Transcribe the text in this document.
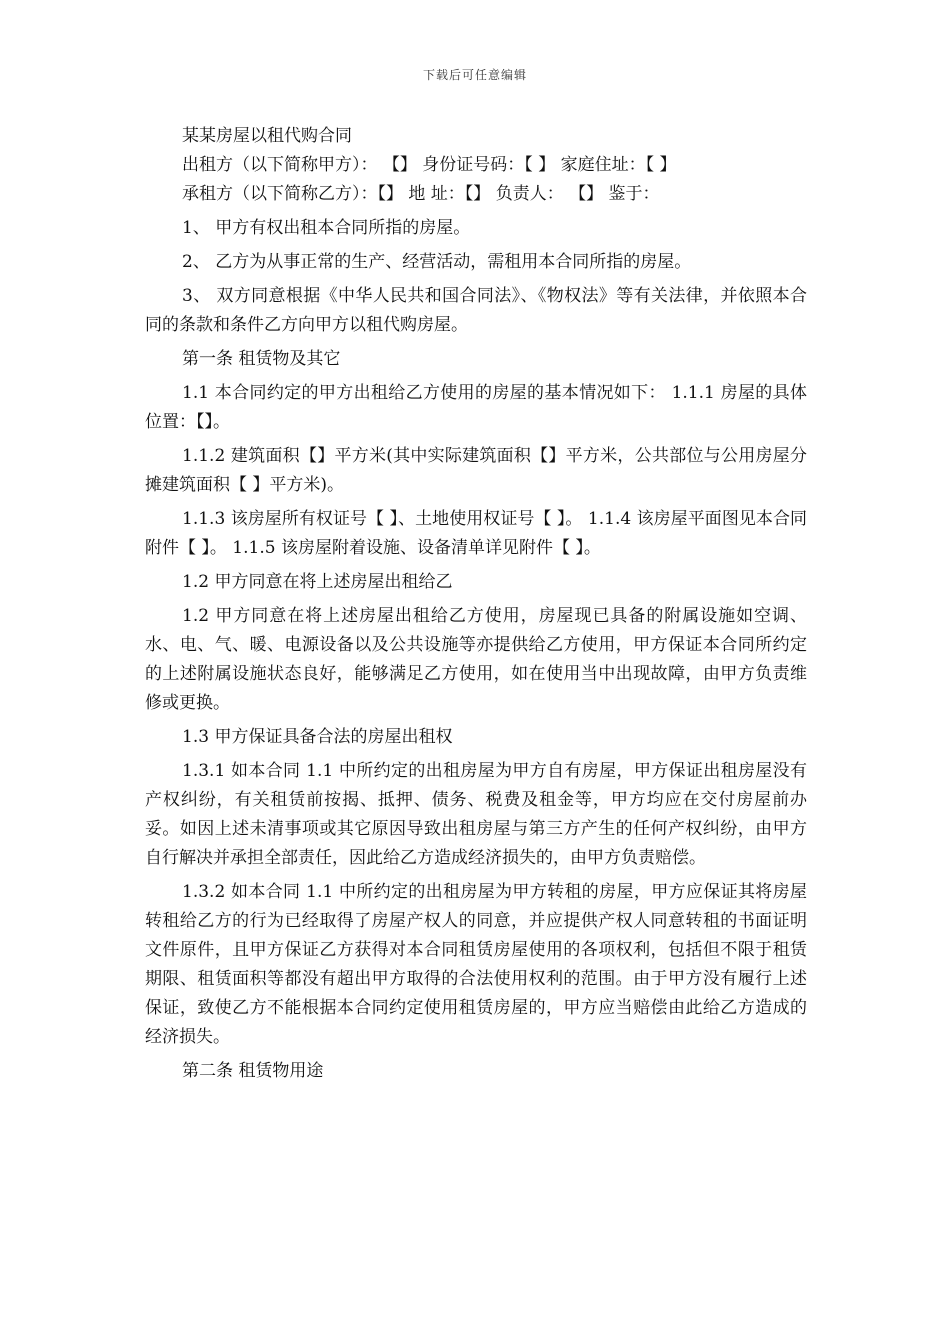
下载后可任意编辑

某某房屋以租代购合同

出租方（以下简称甲方）： 【】 身份证号码：【 】 家庭住址：【 】

承租方（以下简称乙方）：【】 地 址：【】 负责人： 【】 鉴于：

1、 甲方有权出租本合同所指的房屋。

2、 乙方为从事正常的生产、经营活动，需租用本合同所指的房屋。

3、 双方同意根据《中华人民共和国合同法》、《物权法》等有关法律，并依照本合同的条款和条件乙方向甲方以租代购房屋。

第一条 租赁物及其它

1.1 本合同约定的甲方出租给乙方使用的房屋的基本情况如下： 1.1.1 房屋的具体位置：【】。

1.1.2 建筑面积【】平方米(其中实际建筑面积【】平方米，公共部位与公用房屋分摊建筑面积【 】平方米)。

1.1.3 该房屋所有权证号【 】、土地使用权证号【 】。 1.1.4 该房屋平面图见本合同附件【 】。 1.1.5 该房屋附着设施、设备清单详见附件【 】。

1.2 甲方同意在将上述房屋出租给乙

1.2 甲方同意在将上述房屋出租给乙方使用，房屋现已具备的附属设施如空调、水、电、气、暖、电源设备以及公共设施等亦提供给乙方使用，甲方保证本合同所约定的上述附属设施状态良好，能够满足乙方使用，如在使用当中出现故障，由甲方负责维修或更换。

1.3 甲方保证具备合法的房屋出租权

1.3.1 如本合同 1.1 中所约定的出租房屋为甲方自有房屋，甲方保证出租房屋没有产权纠纷，有关租赁前按揭、抵押、债务、税费及租金等，甲方均应在交付房屋前办妥。如因上述未清事项或其它原因导致出租房屋与第三方产生的任何产权纠纷，由甲方自行解决并承担全部责任，因此给乙方造成经济损失的，由甲方负责赔偿。

1.3.2 如本合同 1.1 中所约定的出租房屋为甲方转租的房屋，甲方应保证其将房屋转租给乙方的行为已经取得了房屋产权人的同意，并应提供产权人同意转租的书面证明文件原件，且甲方保证乙方获得对本合同租赁房屋使用的各项权利，包括但不限于租赁期限、租赁面积等都没有超出甲方取得的合法使用权利的范围。由于甲方没有履行上述保证，致使乙方不能根据本合同约定使用租赁房屋的，甲方应当赔偿由此给乙方造成的经济损失。

第二条 租赁物用途
